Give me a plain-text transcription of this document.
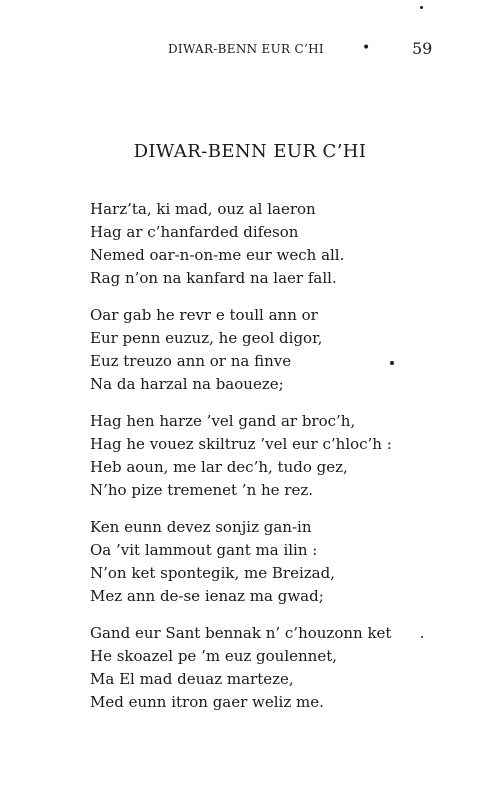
DIWAR-BENN EUR C’HI	•	59
DIWAR-BENN EUR C’HI
Harz’ta, ki mad, ouz al laeron
Hag ar c’hanfarded difeson
Nemed oar-n-on-me eur wech all.
Rag n’on na kanfard na laer fall.
Oar gab he revr e toull ann or
Eur penn euzuz, he geol digor,
Euz treuzo ann or na finve
Na da harzal na baoueze;
Hag hen harze ’vel gand ar broc’h,
Hag he vouez skiltruz ’vel eur c’hloc’h :
Heb aoun, me lar dec’h, tudo gez,
N’ho pize tremenet ’n he rez.
Ken eunn devez sonjiz gan-in
Oa ’vit lammout gant ma ilin :
N’on ket spontegik, me Breizad,
Mez ann de-se ienaz ma gwad;
Gand eur Sant bennak n’ c’houzonn ket
He skoazel pe ’m euz goulennet,
Ma El mad deuaz marteze,
Med eunn itron gaer weliz me.
